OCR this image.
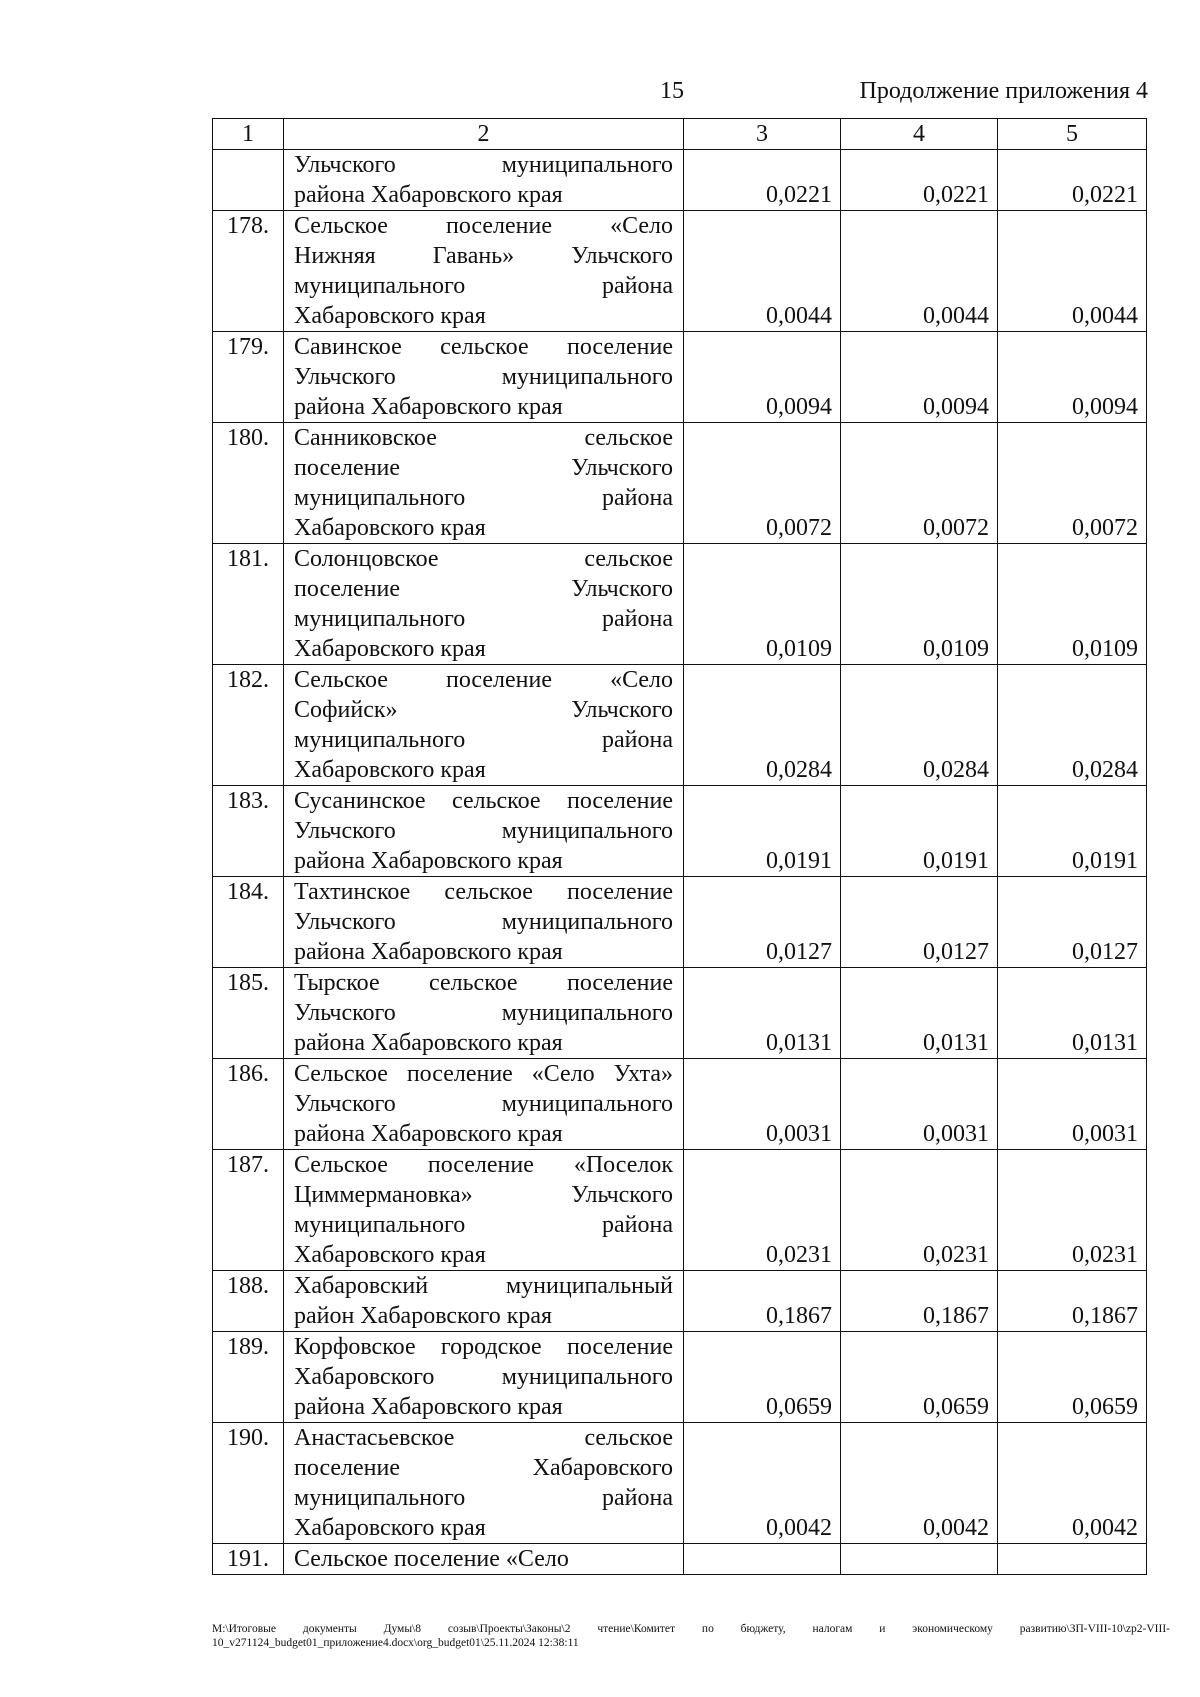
15	Продолжение приложения 4
1	2	3	4	5

	Ульчского муниципального
района Хабаровского края	0,0221	0,0221	0,0221
178.	Сельское поселение «Село
Нижняя Гавань» Ульчского
муниципального района
Хабаровского края	0,0044	0,0044	0,0044
179.	Савинское сельское поселение
Ульчского муниципального
района Хабаровского края	0,0094	0,0094	0,0094
180.	Санниковское сельское
поселение Ульчского
муниципального района
Хабаровского края	0,0072	0,0072	0,0072
181.	Солонцовское сельское
поселение Ульчского
муниципального района
Хабаровского края	0,0109	0,0109	0,0109
182.	Сельское поселение «Село
Софийск» Ульчского
муниципального района
Хабаровского края	0,0284	0,0284	0,0284
183.	Сусанинское сельское поселение
Ульчского муниципального
района Хабаровского края	0,0191	0,0191	0,0191
184.	Тахтинское сельское поселение
Ульчского муниципального
района Хабаровского края	0,0127	0,0127	0,0127
185.	Тырское сельское поселение
Ульчского муниципального
района Хабаровского края	0,0131	0,0131	0,0131
186.	Сельское поселение «Село Ухта»
Ульчского муниципального
района Хабаровского края	0,0031	0,0031	0,0031
187.	Сельское поселение «Поселок
Циммермановка» Ульчского
муниципального района
Хабаровского края	0,0231	0,0231	0,0231
188.	Хабаровский муниципальный
район Хабаровского края	0,1867	0,1867	0,1867
189.	Корфовское городское поселение
Хабаровского муниципального
района Хабаровского края	0,0659	0,0659	0,0659
190.	Анастасьевское сельское
поселение Хабаровского
муниципального района
Хабаровского края	0,0042	0,0042	0,0042
191.	Сельское поселение «Село			

M:\Итоговые документы Думы\8 созыв\Проекты\Законы\2 чтение\Комитет по бюджету, налогам и экономическому развитию\ЗП-VIII-10\zp2-VIII-10_v271124_budget01_приложение4.docx\org_budget01\25.11.2024 12:38:11
